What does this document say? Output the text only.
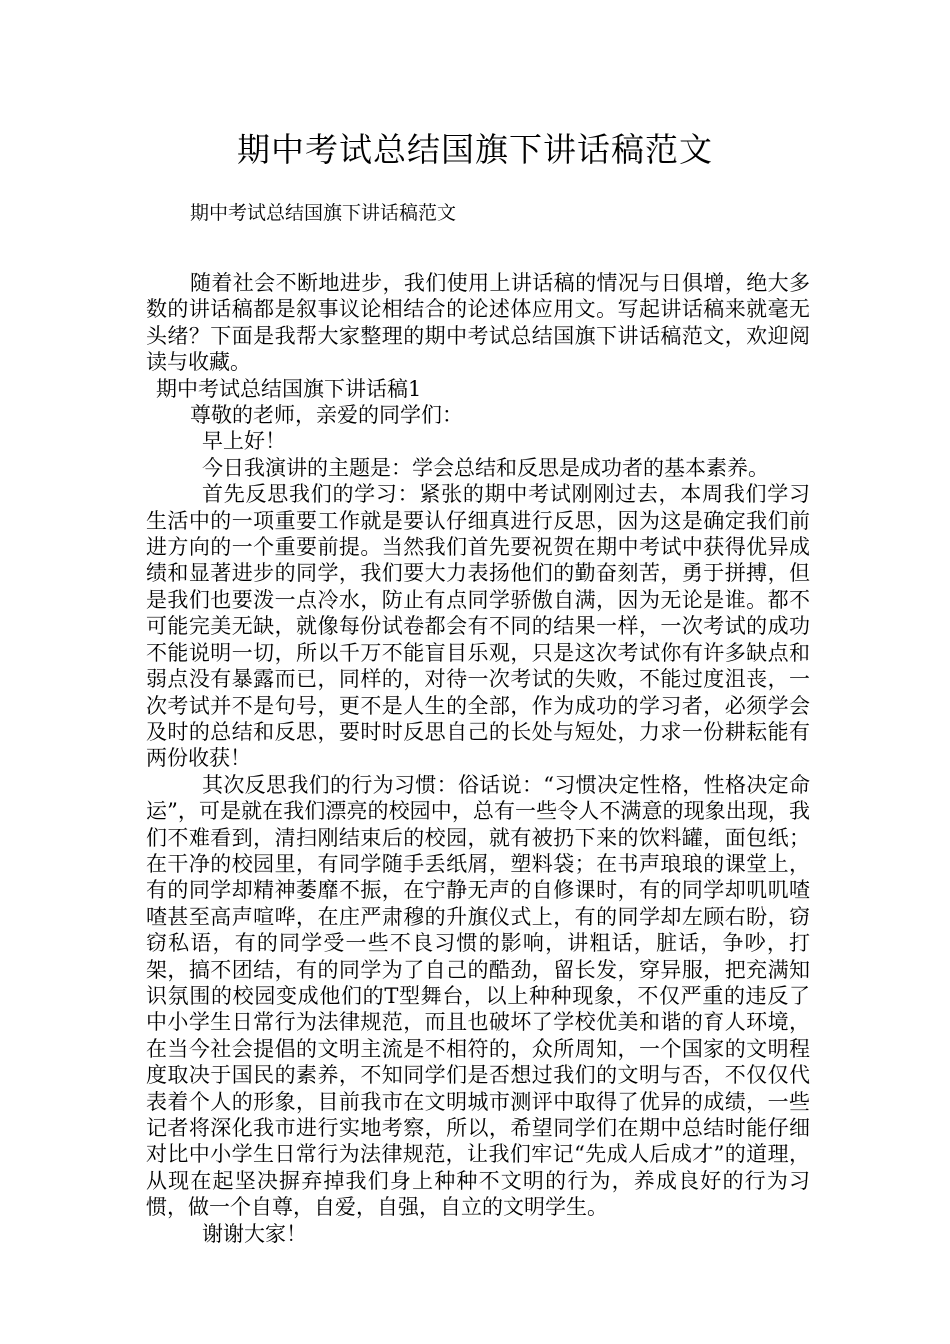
期中考试总结国旗下讲话稿范文
期中考试总结国旗下讲话稿范文

随着社会不断地进步，我们使用上讲话稿的情况与日俱增，绝大多数的讲话稿都是叙事议论相结合的论述体应用文。写起讲话稿来就毫无头绪？下面是我帮大家整理的期中考试总结国旗下讲话稿范文，欢迎阅读与收藏。

期中考试总结国旗下讲话稿1

尊敬的老师，亲爱的同学们：

早上好！

今日我演讲的主题是：学会总结和反思是成功者的基本素养。

首先反思我们的学习：紧张的期中考试刚刚过去，本周我们学习生活中的一项重要工作就是要认仔细真进行反思，因为这是确定我们前进方向的一个重要前提。当然我们首先要祝贺在期中考试中获得优异成绩和显著进步的同学，我们要大力表扬他们的勤奋刻苦，勇于拼搏，但是我们也要泼一点冷水，防止有点同学骄傲自满，因为无论是谁。都不可能完美无缺，就像每份试卷都会有不同的结果一样，一次考试的成功不能说明一切，所以千万不能盲目乐观，只是这次考试你有许多缺点和弱点没有暴露而已，同样的，对待一次考试的失败，不能过度沮丧，一次考试并不是句号，更不是人生的全部，作为成功的学习者，必须学会及时的总结和反思，要时时反思自己的长处与短处，力求一份耕耘能有两份收获！

其次反思我们的行为习惯：俗话说：“习惯决定性格，性格决定命运”，可是就在我们漂亮的校园中，总有一些令人不满意的现象出现，我们不难看到，清扫刚结束后的校园，就有被扔下来的饮料罐，面包纸；在干净的校园里，有同学随手丢纸屑，塑料袋；在书声琅琅的课堂上，有的同学却精神萎靡不振，在宁静无声的自修课时，有的同学却叽叽喳喳甚至高声喧哗，在庄严肃穆的升旗仪式上，有的同学却左顾右盼，窃窃私语，有的同学受一些不良习惯的影响，讲粗话，脏话，争吵，打架，搞不团结，有的同学为了自己的酷劲，留长发，穿异服，把充满知识氛围的校园变成他们的T型舞台，以上种种现象，不仅严重的违反了中小学生日常行为法律规范，而且也破坏了学校优美和谐的育人环境，在当今社会提倡的文明主流是不相符的，众所周知，一个国家的文明程度取决于国民的素养，不知同学们是否想过我们的文明与否，不仅仅代表着个人的形象，目前我市在文明城市测评中取得了优异的成绩，一些记者将深化我市进行实地考察，所以，希望同学们在期中总结时能仔细对比中小学生日常行为法律规范，让我们牢记“先成人后成才”的道理，从现在起坚决摒弃掉我们身上种种不文明的行为，养成良好的行为习惯，做一个自尊，自爱，自强，自立的文明学生。

谢谢大家！
